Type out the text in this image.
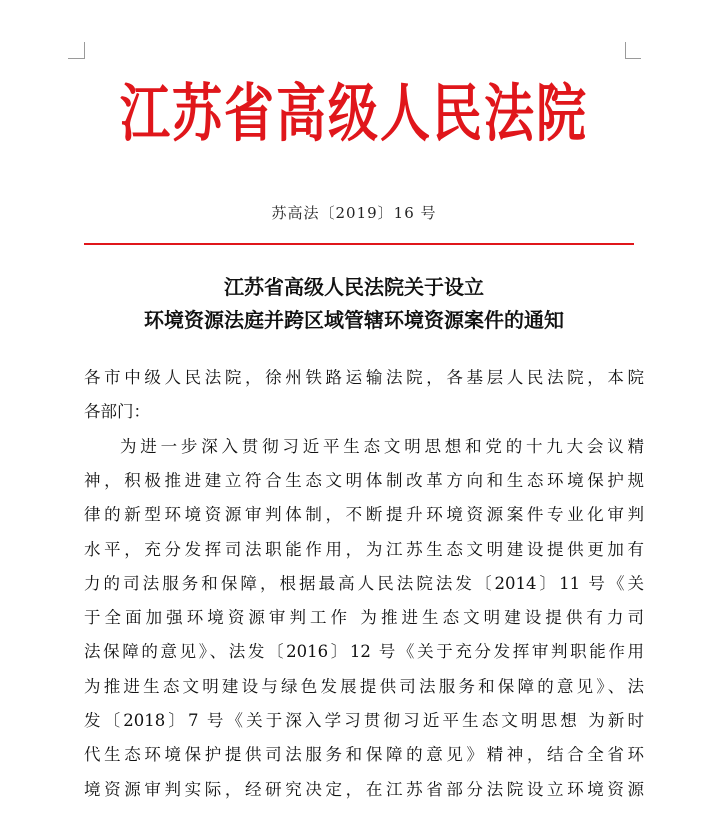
江苏省高级人民法院
苏高法〔2019〕16 号
江苏省高级人民法院关于设立
环境资源法庭并跨区域管辖环境资源案件的通知
各市中级人民法院，徐州铁路运输法院，各基层人民法院，本院
各部门：
为进一步深入贯彻习近平生态文明思想和党的十九大会议精
神，积极推进建立符合生态文明体制改革方向和生态环境保护规
律的新型环境资源审判体制，不断提升环境资源案件专业化审判
水平，充分发挥司法职能作用，为江苏生态文明建设提供更加有
力的司法服务和保障，根据最高人民法院法发〔2014〕11 号《关
于全面加强环境资源审判工作 为推进生态文明建设提供有力司
法保障的意见》、法发〔2016〕12 号《关于充分发挥审判职能作用
为推进生态文明建设与绿色发展提供司法服务和保障的意见》、法
发〔2018〕7 号《关于深入学习贯彻习近平生态文明思想 为新时
代生态环境保护提供司法服务和保障的意见》精神，结合全省环
境资源审判实际，经研究决定，在江苏省部分法院设立环境资源
